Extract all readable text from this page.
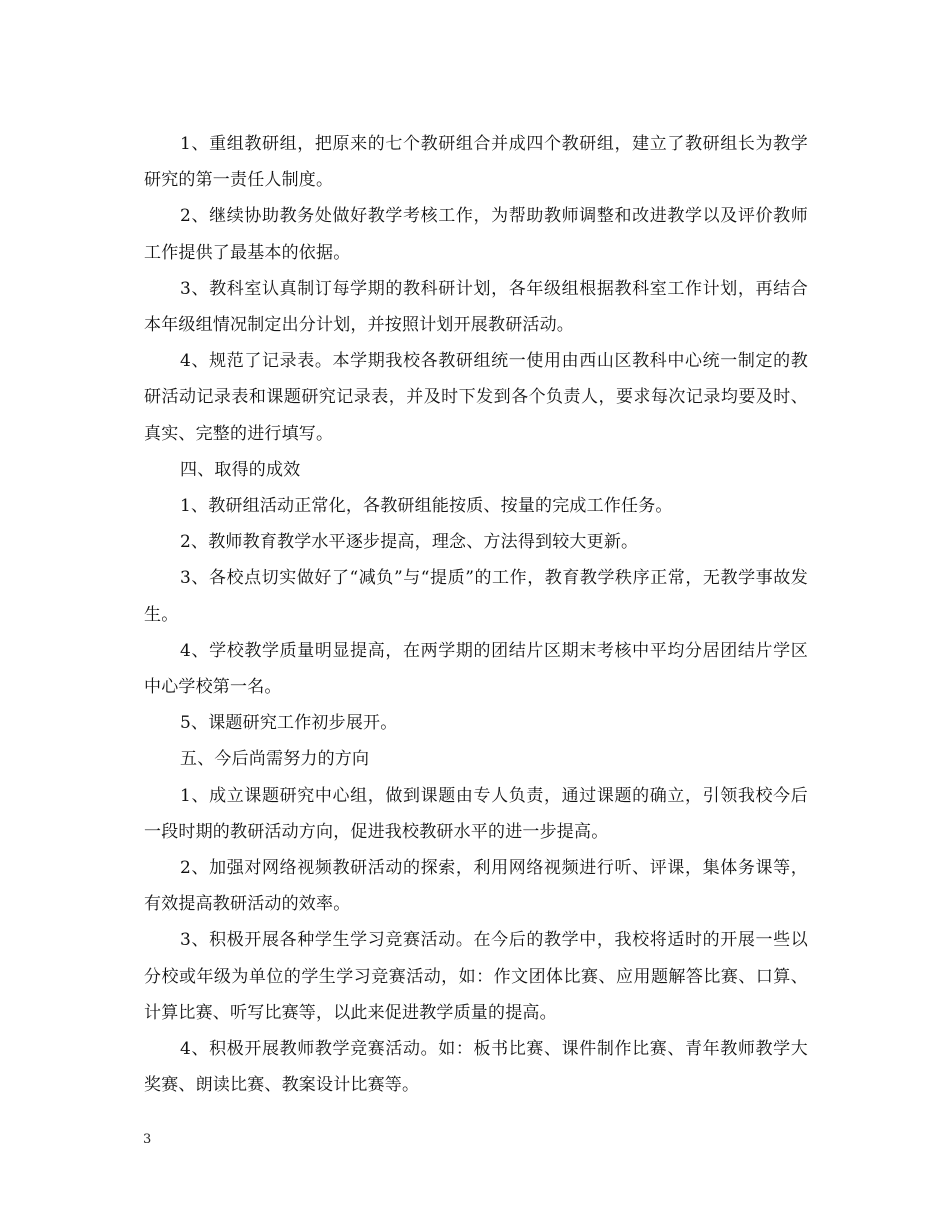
1、重组教研组，把原来的七个教研组合并成四个教研组，建立了教研组长为教学研究的第一责任人制度。

2、继续协助教务处做好教学考核工作，为帮助教师调整和改进教学以及评价教师工作提供了最基本的依据。

3、教科室认真制订每学期的教科研计划，各年级组根据教科室工作计划，再结合本年级组情况制定出分计划，并按照计划开展教研活动。

4、规范了记录表。本学期我校各教研组统一使用由西山区教科中心统一制定的教研活动记录表和课题研究记录表，并及时下发到各个负责人，要求每次记录均要及时、真实、完整的进行填写。

四、取得的成效

1、教研组活动正常化，各教研组能按质、按量的完成工作任务。

2、教师教育教学水平逐步提高，理念、方法得到较大更新。

3、各校点切实做好了“减负”与“提质”的工作，教育教学秩序正常，无教学事故发生。

4、学校教学质量明显提高，在两学期的团结片区期末考核中平均分居团结片学区中心学校第一名。

5、课题研究工作初步展开。

五、今后尚需努力的方向

1、成立课题研究中心组，做到课题由专人负责，通过课题的确立，引领我校今后一段时期的教研活动方向，促进我校教研水平的进一步提高。

2、加强对网络视频教研活动的探索，利用网络视频进行听、评课，集体务课等，有效提高教研活动的效率。

3、积极开展各种学生学习竞赛活动。在今后的教学中，我校将适时的开展一些以分校或年级为单位的学生学习竞赛活动，如：作文团体比赛、应用题解答比赛、口算、计算比赛、听写比赛等，以此来促进教学质量的提高。

4、积极开展教师教学竞赛活动。如：板书比赛、课件制作比赛、青年教师教学大奖赛、朗读比赛、教案设计比赛等。

3
